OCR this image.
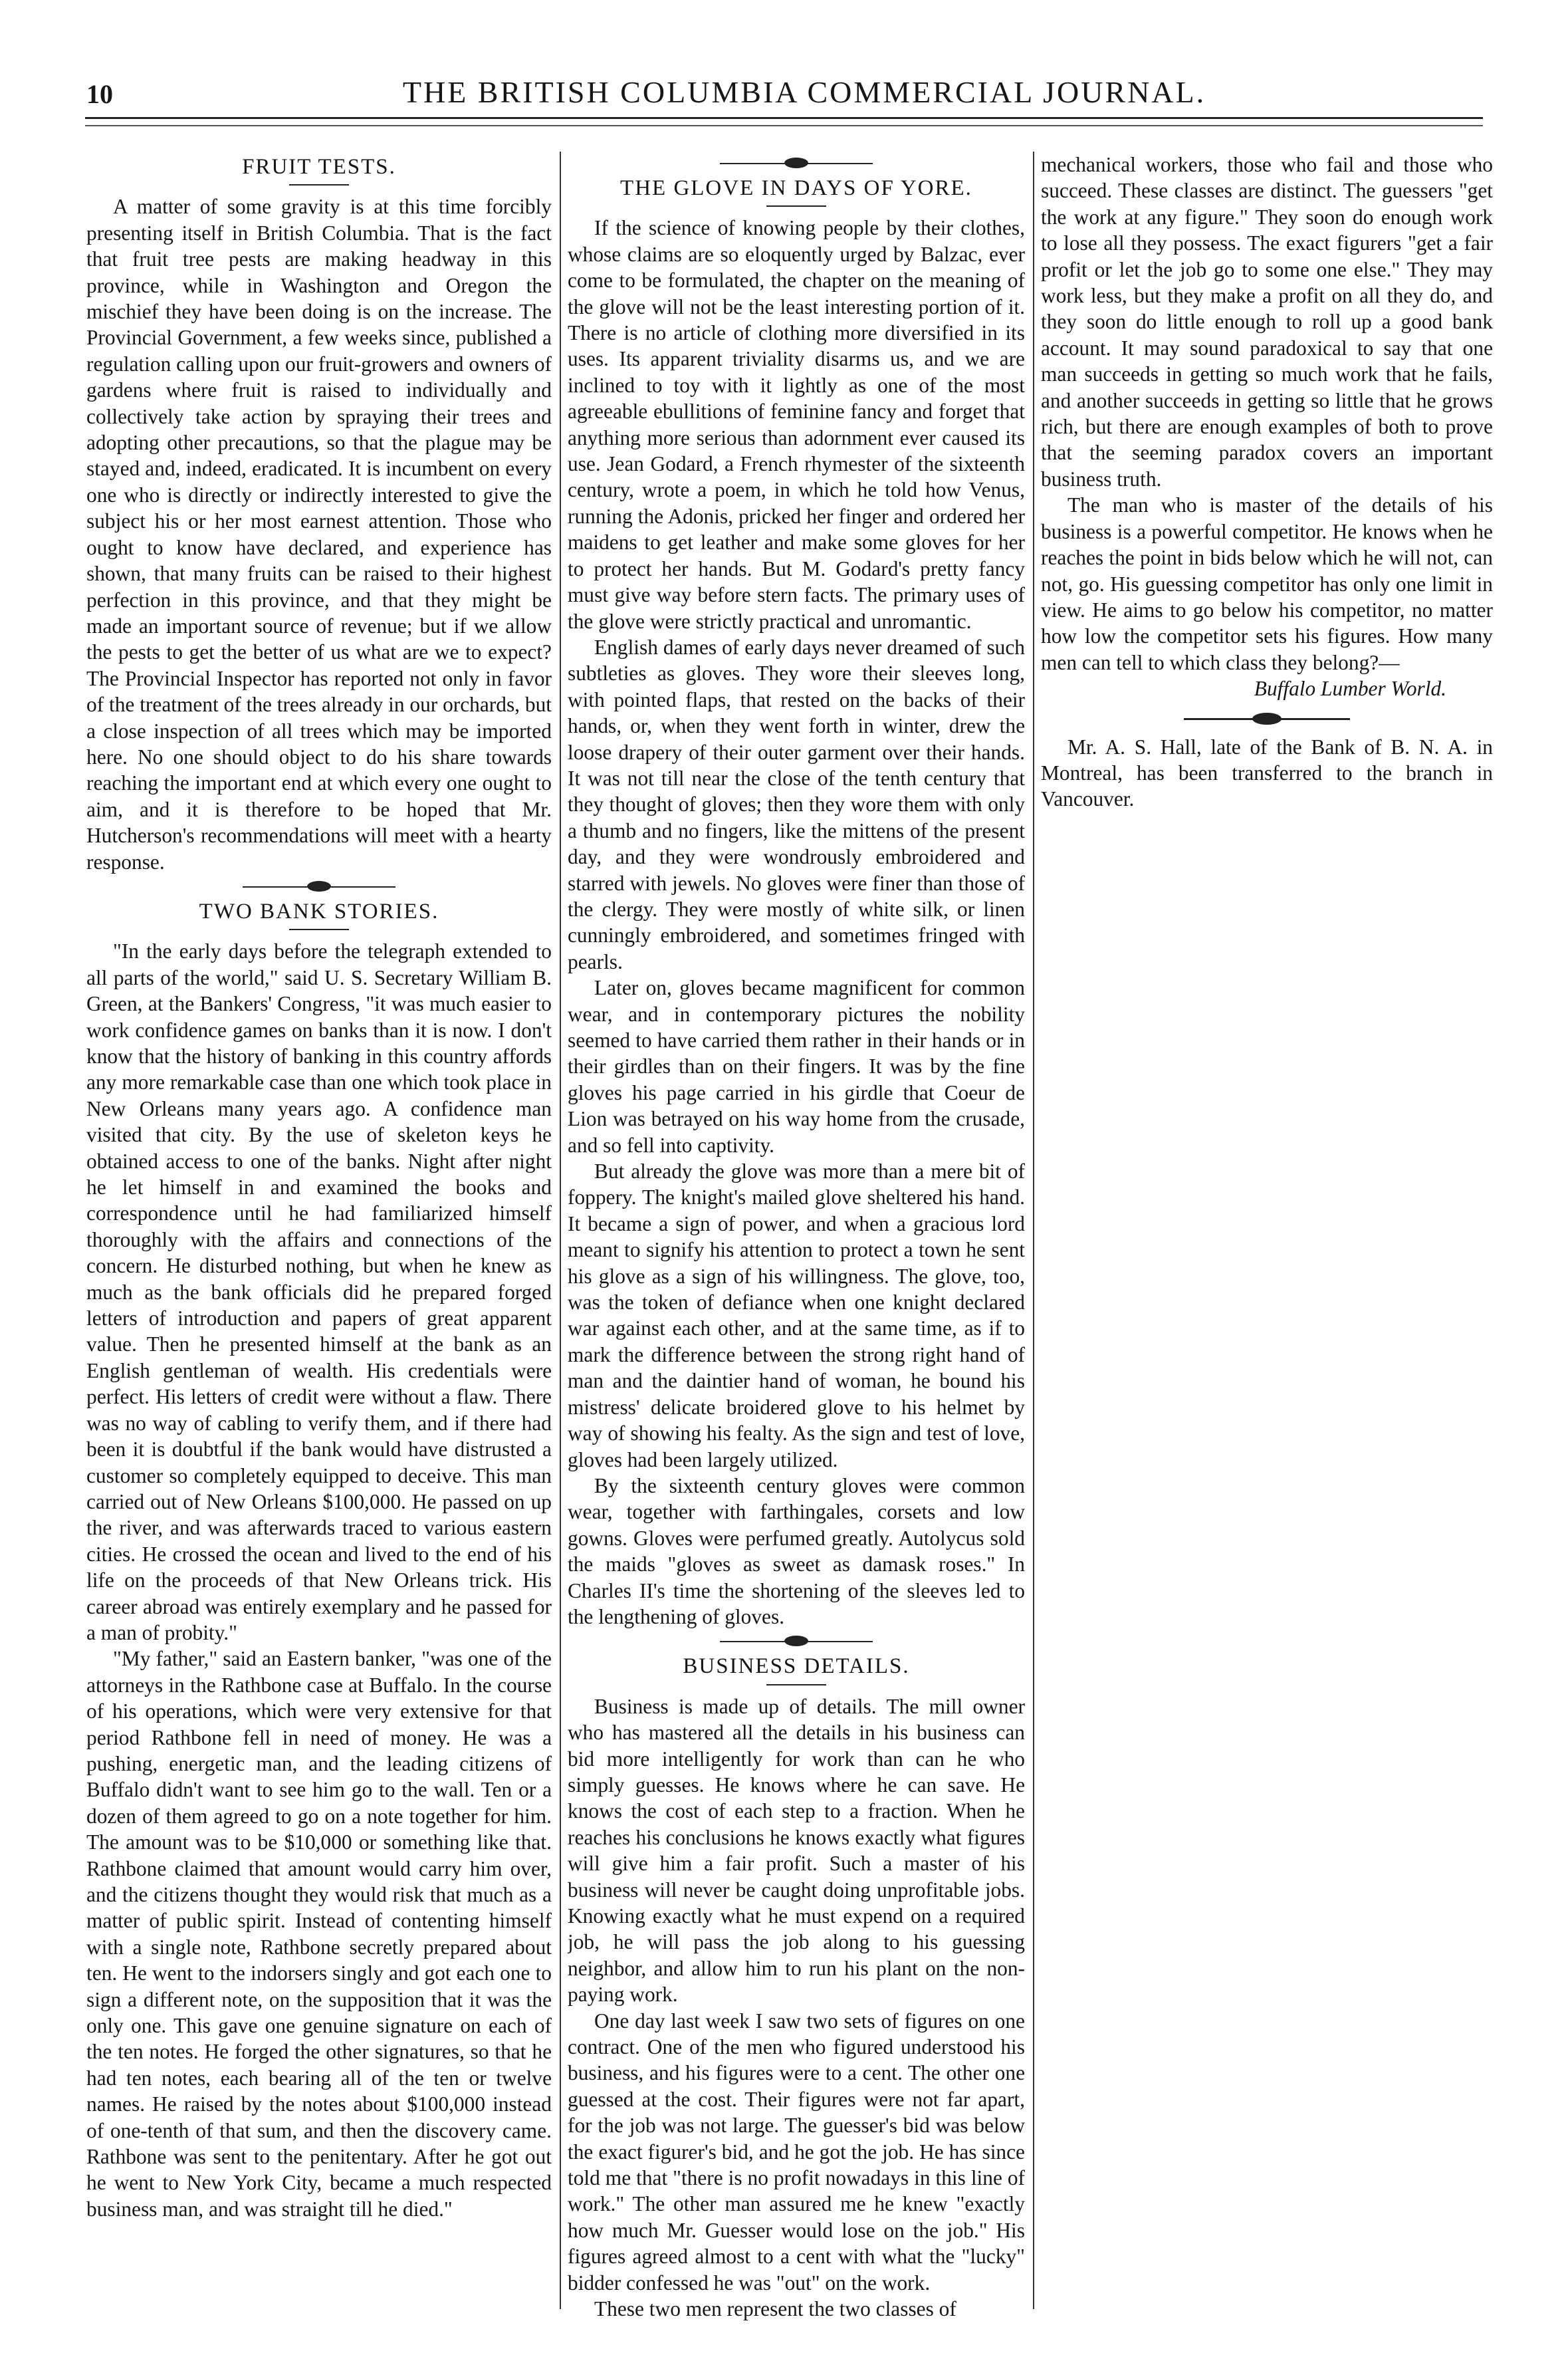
10	THE BRITISH COLUMBIA COMMERCIAL JOURNAL.
FRUIT TESTS.

A matter of some gravity is at this time forcibly presenting itself in British Columbia. That is the fact that fruit tree pests are making headway in this province, while in Washington and Oregon the mischief they have been doing is on the increase. The Provincial Government, a few weeks since, published a regulation calling upon our fruit-growers and owners of gardens where fruit is raised to individually and collectively take action by spraying their trees and adopting other precautions, so that the plague may be stayed and, indeed, eradicated. It is incumbent on every one who is directly or indirectly interested to give the subject his or her most earnest attention. Those who ought to know have declared, and experience has shown, that many fruits can be raised to their highest perfection in this province, and that they might be made an important source of revenue; but if we allow the pests to get the better of us what are we to expect? The Provincial Inspector has reported not only in favor of the treatment of the trees already in our orchards, but a close inspection of all trees which may be imported here. No one should object to do his share towards reaching the important end at which every one ought to aim, and it is therefore to be hoped that Mr. Hutcherson's recommendations will meet with a hearty response.

TWO BANK STORIES.

"In the early days before the telegraph extended to all parts of the world," said U. S. Secretary William B. Green, at the Bankers' Congress, "it was much easier to work confidence games on banks than it is now. I don't know that the history of banking in this country affords any more remarkable case than one which took place in New Orleans many years ago. A confidence man visited that city. By the use of skeleton keys he obtained access to one of the banks. Night after night he let himself in and examined the books and correspondence until he had familiarized himself thoroughly with the affairs and connections of the concern. He disturbed nothing, but when he knew as much as the bank officials did he prepared forged letters of introduction and papers of great apparent value. Then he presented himself at the bank as an English gentleman of wealth. His credentials were perfect. His letters of credit were without a flaw. There was no way of cabling to verify them, and if there had been it is doubtful if the bank would have distrusted a customer so completely equipped to deceive. This man carried out of New Orleans $100,000. He passed on up the river, and was afterwards traced to various eastern cities. He crossed the ocean and lived to the end of his life on the proceeds of that New Orleans trick. His career abroad was entirely exemplary and he passed for a man of probity."

"My father," said an Eastern banker, "was one of the attorneys in the Rathbone case at Buffalo. In the course of his operations, which were very extensive for that period Rathbone fell in need of money. He was a pushing, energetic man, and the leading citizens of Buffalo didn't want to see him go to the wall. Ten or a dozen of them agreed to go on a note together for him. The amount was to be $10,000 or something like that. Rathbone claimed that amount would carry him over, and the citizens thought they would risk that much as a matter of public spirit. Instead of contenting himself with a single note, Rathbone secretly prepared about ten. He went to the indorsers singly and got each one to sign a different note, on the supposition that it was the only one. This gave one genuine signature on each of the ten notes. He forged the other signatures, so that he had ten notes, each bearing all of the ten or twelve names. He raised by the notes about $100,000 instead of one-tenth of that sum, and then the discovery came. Rathbone was sent to the penitentary. After he got out he went to New York City, became a much respected business man, and was straight till he died."

THE GLOVE IN DAYS OF YORE.

If the science of knowing people by their clothes, whose claims are so eloquently urged by Balzac, ever come to be formulated, the chapter on the meaning of the glove will not be the least interesting portion of it. There is no article of clothing more diversified in its uses. Its apparent triviality disarms us, and we are inclined to toy with it lightly as one of the most agreeable ebullitions of feminine fancy and forget that anything more serious than adornment ever caused its use. Jean Godard, a French rhymester of the sixteenth century, wrote a poem, in which he told how Venus, running the Adonis, pricked her finger and ordered her maidens to get leather and make some gloves for her to protect her hands. But M. Godard's pretty fancy must give way before stern facts. The primary uses of the glove were strictly practical and unromantic.

English dames of early days never dreamed of such subtleties as gloves. They wore their sleeves long, with pointed flaps, that rested on the backs of their hands, or, when they went forth in winter, drew the loose drapery of their outer garment over their hands. It was not till near the close of the tenth century that they thought of gloves; then they wore them with only a thumb and no fingers, like the mittens of the present day, and they were wondrously embroidered and starred with jewels. No gloves were finer than those of the clergy. They were mostly of white silk, or linen cunningly embroidered, and sometimes fringed with pearls.

Later on, gloves became magnificent for common wear, and in contemporary pictures the nobility seemed to have carried them rather in their hands or in their girdles than on their fingers. It was by the fine gloves his page carried in his girdle that Coeur de Lion was betrayed on his way home from the crusade, and so fell into captivity.

But already the glove was more than a mere bit of foppery. The knight's mailed glove sheltered his hand. It became a sign of power, and when a gracious lord meant to signify his attention to protect a town he sent his glove as a sign of his willingness. The glove, too, was the token of defiance when one knight declared war against each other, and at the same time, as if to mark the difference between the strong right hand of man and the daintier hand of woman, he bound his mistress' delicate broidered glove to his helmet by way of showing his fealty. As the sign and test of love, gloves had been largely utilized.

By the sixteenth century gloves were common wear, together with farthingales, corsets and low gowns. Gloves were perfumed greatly. Autolycus sold the maids "gloves as sweet as damask roses." In Charles II's time the shortening of the sleeves led to the lengthening of gloves.

BUSINESS DETAILS.

Business is made up of details. The mill owner who has mastered all the details in his business can bid more intelligently for work than can he who simply guesses. He knows where he can save. He knows the cost of each step to a fraction. When he reaches his conclusions he knows exactly what figures will give him a fair profit. Such a master of his business will never be caught doing unprofitable jobs. Knowing exactly what he must expend on a required job, he will pass the job along to his guessing neighbor, and allow him to run his plant on the non-paying work.

One day last week I saw two sets of figures on one contract. One of the men who figured understood his business, and his figures were to a cent. The other one guessed at the cost. Their figures were not far apart, for the job was not large. The guesser's bid was below the exact figurer's bid, and he got the job. He has since told me that "there is no profit nowadays in this line of work." The other man assured me he knew "exactly how much Mr. Guesser would lose on the job." His figures agreed almost to a cent with what the "lucky" bidder confessed he was "out" on the work.

These two men represent the two classes of

mechanical workers, those who fail and those who succeed. These classes are distinct. The guessers "get the work at any figure." They soon do enough work to lose all they possess. The exact figurers "get a fair profit or let the job go to some one else." They may work less, but they make a profit on all they do, and they soon do little enough to roll up a good bank account. It may sound paradoxical to say that one man succeeds in getting so much work that he fails, and another succeeds in getting so little that he grows rich, but there are enough examples of both to prove that the seeming paradox covers an important business truth.

The man who is master of the details of his business is a powerful competitor. He knows when he reaches the point in bids below which he will not, can not, go. His guessing competitor has only one limit in view. He aims to go below his competitor, no matter how low the competitor sets his figures. How many men can tell to which class they belong?—

Buffalo Lumber World.

Mr. A. S. Hall, late of the Bank of B. N. A. in Montreal, has been transferred to the branch in Vancouver.
